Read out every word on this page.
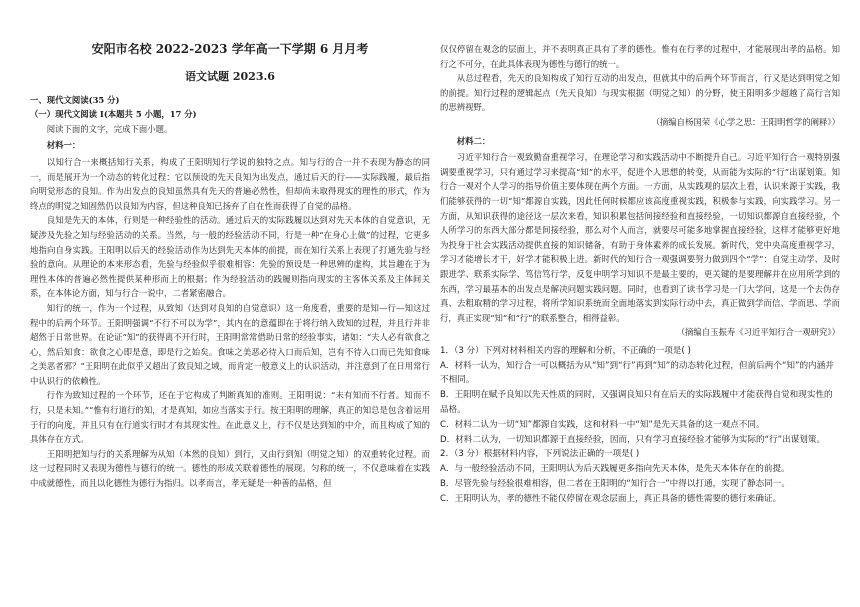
安阳市名校 2022-2023 学年高一下学期 6 月月考
语文试题 2023.6
一、现代文阅读(35 分)
（一）现代文阅读 I(本题共 5 小题，17 分)
阅读下面的文字，完成下面小题。
材料一：
以知行合一来概括知行关系，构成了王阳明知行学说的独特之点。知与行的合一并不表现为静态的同一，而是展开为一个动态的转化过程：它以预设的先天良知为出发点，通过后天的行——实际践履，最后指向明觉形态的良知。作为出发点的良知虽然具有先天的普遍必然性，但却尚未取得现实的理性的形式，作为终点的明觉之知固然仍以良知为内容，但这种良知已扬弃了自在性而获得了自觉的品格。
良知是先天的本体，行则是一种经验性的活动。通过后天的实际践履以达到对先天本体的自觉意识，无疑涉及先验之知与经验活动的关系。当然，与一般的经验活动不同，行是一种“在身心上做”的过程，它更多地指向自身实践。王阳明以后天的经验活动作为达到先天本体的前提，而在知行关系上表现了打通先验与经验的意向。从理论的本来形态看，先验与经验似乎很难相容：先验的预设是一种思辨的虚构，其旨趣在于为理性本体的普遍必然性提供某种形而上的根据；作为经验活动的践履则指向现实的主客体关系及主体间关系，在本体论方面，知与行合一说中，二者紧密融合。
知行的统一，作为一个过程，从致知（达到对良知的自觉意识）这一角度看，重要的是知—行—知这过程中的后两个环节。王阳明强调“不行不可以为学”，其内在的意蕴即在于将行纳入致知的过程，并且行并非超然于日常世界。在论证“知”的获得离不开行时，王阳明常常借助日常的经验事实，诸如：“夫人必有欲食之心，然后知食：欲食之心即是意，即是行之始矣。食味之美恶必待入口而后知，岂有不待入口而已先知食味之美恶者邪？”王阳明在此似乎又超出了致良知之域，而肯定一般意义上的认识活动，并注意到了在日用常行中认识行的依赖性。
行作为致知过程的一个环节，还在于它构成了判断真知的准则。王阳明说：“未有知而不行者。知而不行，只是未知。”“惟有行道行的知，才是真知，如应当落实于行。按王阳明的理解，真正的知总是包含着运用于行的向度，并且只有在行道实行时才有其现实性。在此意义上，行不仅是达到知的中介，而且构成了知的具体存在方式。
王阳明把知与行的关系理解为从知（本然的良知）到行，又由行到知（明觉之知）的双重转化过程。而这一过程同时又表现为德性与德行的统一。德性的形成关联着德性的展现。匀称的统一，不仅意味着在实践中成就德性，而且以化德性为德行为指归。以孝而言，孝无疑是一种善的品格，但
仅仅停留在观念的层面上，并不表明真正具有了孝的德性。惟有在行孝的过程中，才能展现出孝的品格。知行之不可分，在此具体表现为德性与德行的统一。
从总过程看，先天的良知构成了知行互动的出发点，但就其中的后两个环节而言，行又是达到明觉之知的前提。知行过程的逻辑起点（先天良知）与现实根据（明觉之知）的分野，使王阳明多少超越了高行言知的思辨视野。
（摘编自杨国荣《心学之思：王阳明哲学的阐释》）
材料二：
习近平知行合一观致勤奋重视学习，在理论学习和实践活动中不断提升自己。习近平知行合一观特别强调要重视学习，只有通过学习来提高“知”的水平，促进个人思想的转变，从而能为实际的“行”出谋划策。知行合一观对个人学习的指导价值主要体现在两个方面。一方面，从实践观的层次上看，认识来源于实践，我们能够获得的一切“知”都源自实践，因此任何时候都应该高度重视实践，积极参与实践，向实践学习。另一方面，从知识获得的途径这一层次来看，知识积累包括间接经验和直接经验，一切知识都源自直接经验，个人所学习的东西大部分都是间接经验，那么对个人而言，就要尽可能多地掌握直接经验，这样才能够更好地为投身于社会实践活动提供直接的知识储备，有助于身体素养的成长发展。新时代，党中央高度重视学习，学习才能增长才干，好学才能积极上进。新时代的知行合一观强调要努力做到四个“学”：自觉主动学、及时跟进学、联系实际学、笃信笃行学，反复申明学习知识不是最主要的，更关键的是要理解并在应用所学到的东西，学习最基本的出发点是解决问题实践问题。同时，也看到了读书学习是一门大学问，这是一个去伪存真、去粗取精的学习过程，将所学知识系统而全面地落实到实际行动中去，真正做到学而信、学而思、学而行，真正实现“知”和“行”的联系整合，相得益彰。
（摘编自玉振寿《习近平知行合一观研究》）
1．（3 分）下列对材料相关内容的理解和分析，不正确的一项是( )
A．材料一认为，知行合一可以概括为从“知”到“行”再到“知”的动态转化过程，但前后两个“知”的内涵并不相同。
B．王阳明在赋予良知以先天性质的同时，又强调良知只有在后天的实际践履中才能获得自觉和现实性的品格。
C．材料二认为一切“知”都源自实践，这和材料一中“知”是先天具备的这一观点不同。
D．材料二认为，一切知识都源于直接经验，因而，只有学习直接经验才能够为实际的“行”出谋划策。
2．（3 分）根据材料内容，下列说法正确的一项是( )
A．与一般经验活动不同，王阳明认为后天践履更多指向先天本体，是先天本体存在的前提。
B．尽管先验与经验很难相容，但二者在王阳明的“知行合一”中得以打通，实现了静态同一。
C．王阳明认为，孝的德性不能仅停留在观念层面上，真正具备的德性需要的德行来确证。
